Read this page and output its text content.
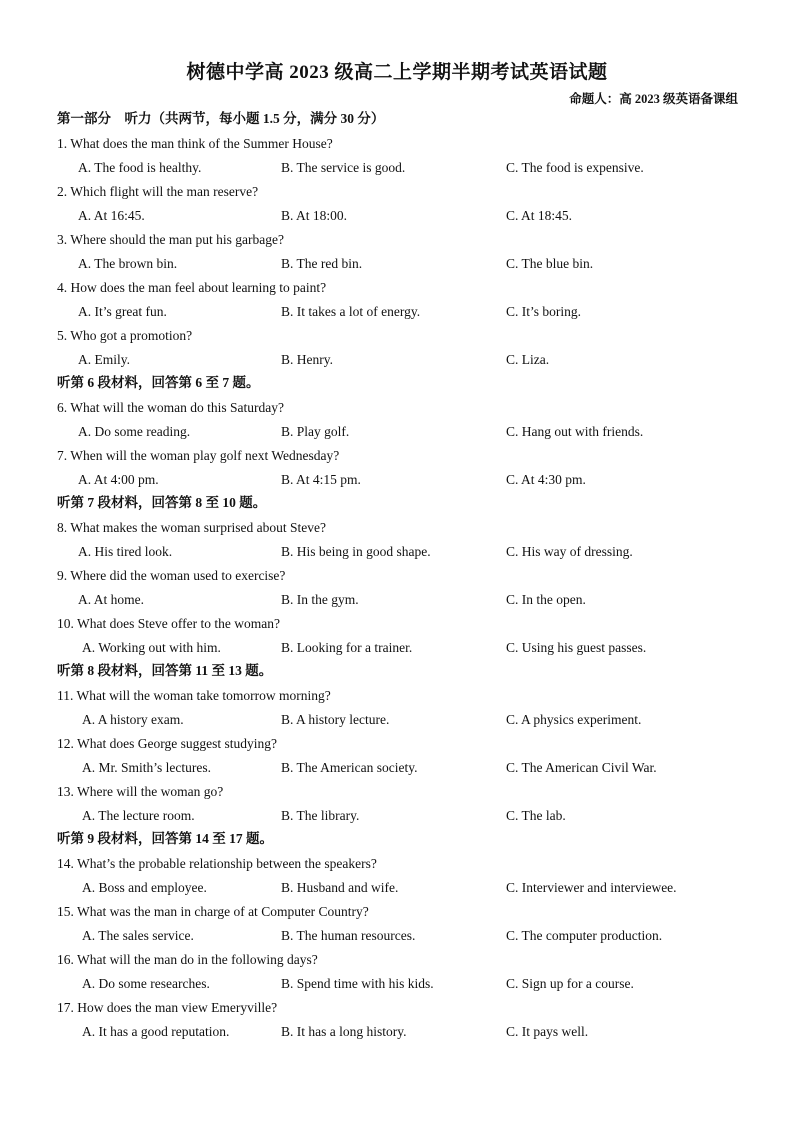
树德中学高 2023 级高二上学期半期考试英语试题
命题人：高 2023 级英语备课组
第一部分　听力（共两节，每小题 1.5 分，满分 30 分）
1. What does the man think of the Summer House?
A. The food is healthy.	B. The service is good.	C. The food is expensive.
2. Which flight will the man reserve?
A. At 16:45.	B. At 18:00.	C. At 18:45.
3. Where should the man put his garbage?
A. The brown bin.	B. The red bin.	C. The blue bin.
4. How does the man feel about learning to paint?
A. It’s great fun.	B. It takes a lot of energy.	C. It’s boring.
5. Who got a promotion?
A. Emily.	B. Henry.	C. Liza.
听第 6 段材料，回答第 6 至 7 题。
6. What will the woman do this Saturday?
A. Do some reading.	B. Play golf.	C. Hang out with friends.
7. When will the woman play golf next Wednesday?
A. At 4:00 pm.	B. At 4:15 pm.	C. At 4:30 pm.
听第 7 段材料，回答第 8 至 10 题。
8. What makes the woman surprised about Steve?
A. His tired look.	B. His being in good shape.	C. His way of dressing.
9. Where did the woman used to exercise?
A. At home.	B. In the gym.	C. In the open.
10. What does Steve offer to the woman?
A. Working out with him.	B. Looking for a trainer.	C. Using his guest passes.
听第 8 段材料，回答第 11 至 13 题。
11. What will the woman take tomorrow morning?
A. A history exam.	B. A history lecture.	C. A physics experiment.
12. What does George suggest studying?
A. Mr. Smith’s lectures.	B. The American society.	C. The American Civil War.
13. Where will the woman go?
A. The lecture room.	B. The library.	C. The lab.
听第 9 段材料，回答第 14 至 17 题。
14. What’s the probable relationship between the speakers?
A. Boss and employee.	B. Husband and wife.	C. Interviewer and interviewee.
15. What was the man in charge of at Computer Country?
A. The sales service.	B. The human resources.	C. The computer production.
16. What will the man do in the following days?
A. Do some researches.	B. Spend time with his kids.	C. Sign up for a course.
17. How does the man view Emeryville?
A. It has a good reputation.	B. It has a long history.	C. It pays well.
